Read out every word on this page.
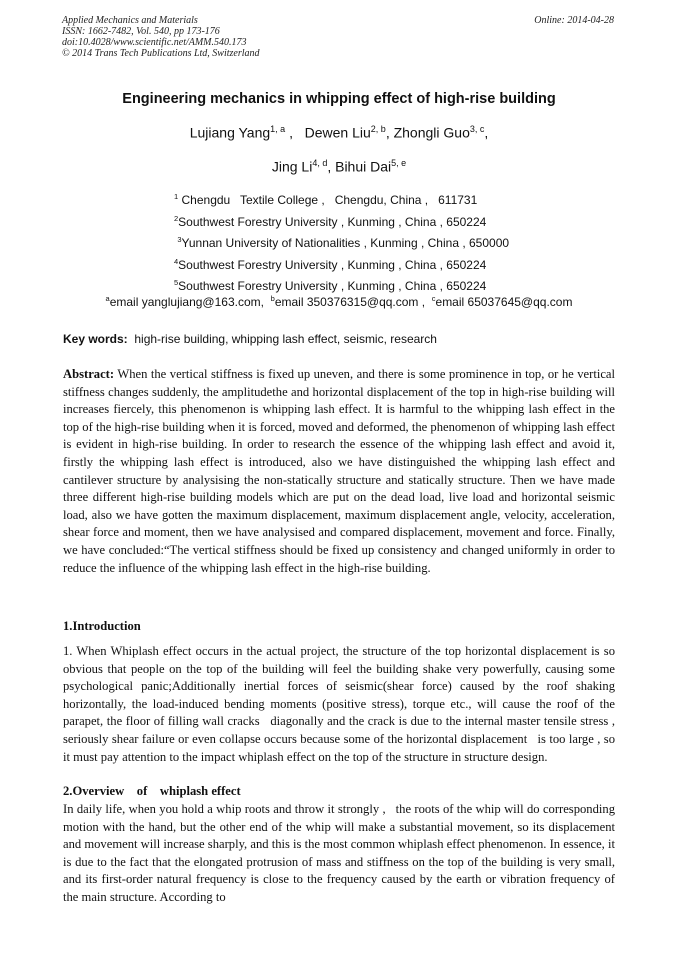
Applied Mechanics and Materials
ISSN: 1662-7482, Vol. 540, pp 173-176
doi:10.4028/www.scientific.net/AMM.540.173
© 2014 Trans Tech Publications Ltd, Switzerland
Online: 2014-04-28
Engineering mechanics in whipping effect of high-rise building
Lujiang Yang$^{1, a}$ ,   Dewen Liu$^{2, b}$, Zhongli Guo$^{3, c}$,
Jing Li$^{4, d}$, Bihui Dai$^{5, e}$
$^1$ Chengdu   Textile College ,   Chengdu, China ,   611731
$^2$Southwest Forestry University , Kunming , China , 650224
$^3$Yunnan University of Nationalities , Kunming , China , 650000
$^4$Southwest Forestry University , Kunming , China , 650224
$^5$Southwest Forestry University , Kunming , China , 650224
$^a$email yanglujiang@163.com, $^b$email 350376315@qq.com , $^c$email 65037645@qq.com
Key words: high-rise building, whipping lash effect, seismic, research
Abstract: When the vertical stiffness is fixed up uneven, and there is some prominence in top, or he vertical stiffness changes suddenly, the amplitudethe and horizontal displacement of the top in high-rise building will increases fiercely, this phenomenon is whipping lash effect. It is harmful to the whipping lash effect in the top of the high-rise building when it is forced, moved and deformed, the phenomenon of whipping lash effect is evident in high-rise building. In order to research the essence of the whipping lash effect and avoid it, firstly the whipping lash effect is introduced, also we have distinguished the whipping lash effect and cantilever structure by analysising the non-statically structure and statically structure. Then we have made three different high-rise building models which are put on the dead load, live load and horizontal seismic load, also we have gotten the maximum displacement, maximum displacement angle, velocity, acceleration, shear force and moment, then we have analysised and compared displacement, movement and force. Finally, we have concluded:“The vertical stiffness should be fixed up consistency and changed uniformly in order to reduce the influence of the whipping lash effect in the high-rise building.
1.Introduction
1. When Whiplash effect occurs in the actual project, the structure of the top horizontal displacement is so obvious that people on the top of the building will feel the building shake very powerfully, causing some psychological panic;Additionally inertial forces of seismic(shear force) caused by the roof shaking horizontally, the load-induced bending moments (positive stress), torque etc., will cause the roof of the parapet, the floor of filling wall cracks   diagonally and the crack is due to the internal master tensile stress ,   seriously shear failure or even collapse occurs because some of the horizontal displacement   is too large , so it must pay attention to the impact whiplash effect on the top of the structure in structure design.
2.Overview    of    whiplash effect
In daily life, when you hold a whip roots and throw it strongly ,   the roots of the whip will do corresponding motion with the hand, but the other end of the whip will make a substantial movement, so its displacement and movement will increase sharply, and this is the most common whiplash effect phenomenon. In essence, it is due to the fact that the elongated protrusion of mass and stiffness on the top of the building is very small, and its first-order natural frequency is close to the frequency caused by the earth or vibration frequency of the main structure. According to
